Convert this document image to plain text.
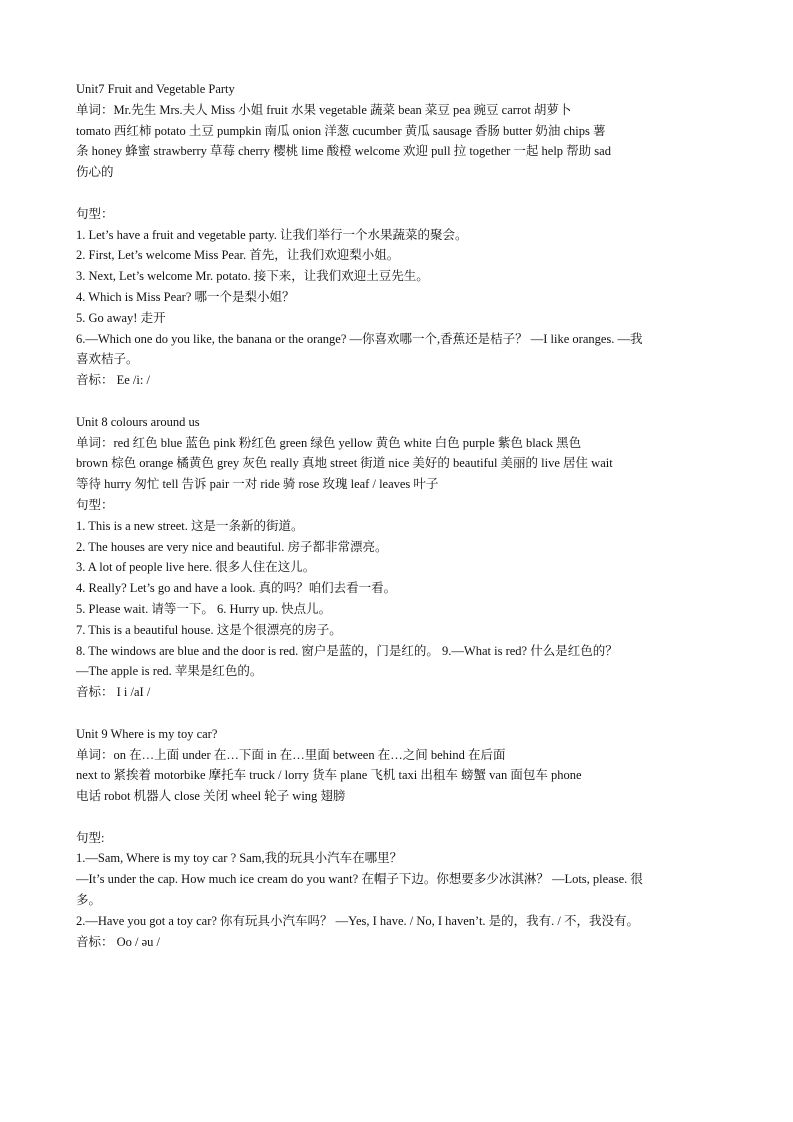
Unit7 Fruit and Vegetable Party
单词：Mr.先生 Mrs.夫人 Miss 小姐 fruit 水果 vegetable 蔬菜 bean 菜豆 pea 豌豆 carrot 胡萝卜
tomato 西红柿 potato 土豆 pumpkin 南瓜 onion 洋葱 cucumber 黄瓜 sausage 香肠 butter 奶油 chips 薯
条 honey 蜂蜜 strawberry 草莓 cherry 樱桃 lime 酸橙 welcome 欢迎 pull 拉 together 一起 help 帮助 sad
伤心的
句型：
1. Let’s have a fruit and vegetable party. 让我们举行一个水果蔬菜的聚会。
2. First, Let’s welcome Miss Pear. 首先，让我们欢迎梨小姐。
3. Next, Let’s welcome Mr. potato. 接下来，让我们欢迎土豆先生。
4. Which is Miss Pear? 哪一个是梨小姐？
5. Go away! 走开
6.—Which one do you like, the banana or the orange? —你喜欢哪一个,香蕉还是桔子？ —I like oranges. —我
喜欢桔子。
音标： Ee /i: /
Unit 8 colours around us
单词：red 红色 blue 蓝色 pink 粉红色 green 绿色 yellow 黄色 white 白色 purple 紫色 black 黑色
brown 棕色 orange 橘黄色 grey 灰色 really 真地 street 街道 nice 美好的 beautiful 美丽的 live 居住 wait
等待 hurry 匆忙 tell 告诉 pair 一对 ride 骑 rose 玫瑰 leaf / leaves 叶子
句型：
1. This is a new street. 这是一条新的街道。
2. The houses are very nice and beautiful. 房子都非常漂亮。
3. A lot of people live here. 很多人住在这儿。
4. Really? Let’s go and have a look. 真的吗？咱们去看一看。
5. Please wait. 请等一下。 6. Hurry up. 快点儿。
7. This is a beautiful house. 这是个很漂亮的房子。
8. The windows are blue and the door is red. 窗户是蓝的，门是红的。 9.—What is red? 什么是红色的？
—The apple is red. 苹果是红色的。
音标： I i /aI /
Unit 9 Where is my toy car?
单词：on 在…上面 under 在…下面 in 在…里面 between 在…之间 behind 在后面
next to 紧挨着 motorbike 摩托车 truck / lorry 货车 plane 飞机 taxi 出租车 螃蟹 van 面包车 phone
电话 robot 机器人 close 关闭 wheel 轮子 wing 翅膀
句型:
1.—Sam, Where is my toy car ? Sam,我的玩具小汽车在哪里？
—It’s under the cap. How much ice cream do you want? 在帽子下边。你想要多少冰淇淋？ —Lots, please. 很
多。
2.—Have you got a toy car? 你有玩具小汽车吗？ —Yes, I have. / No, I haven’t. 是的，我有. / 不，我没有。
音标： Oo / əu /
